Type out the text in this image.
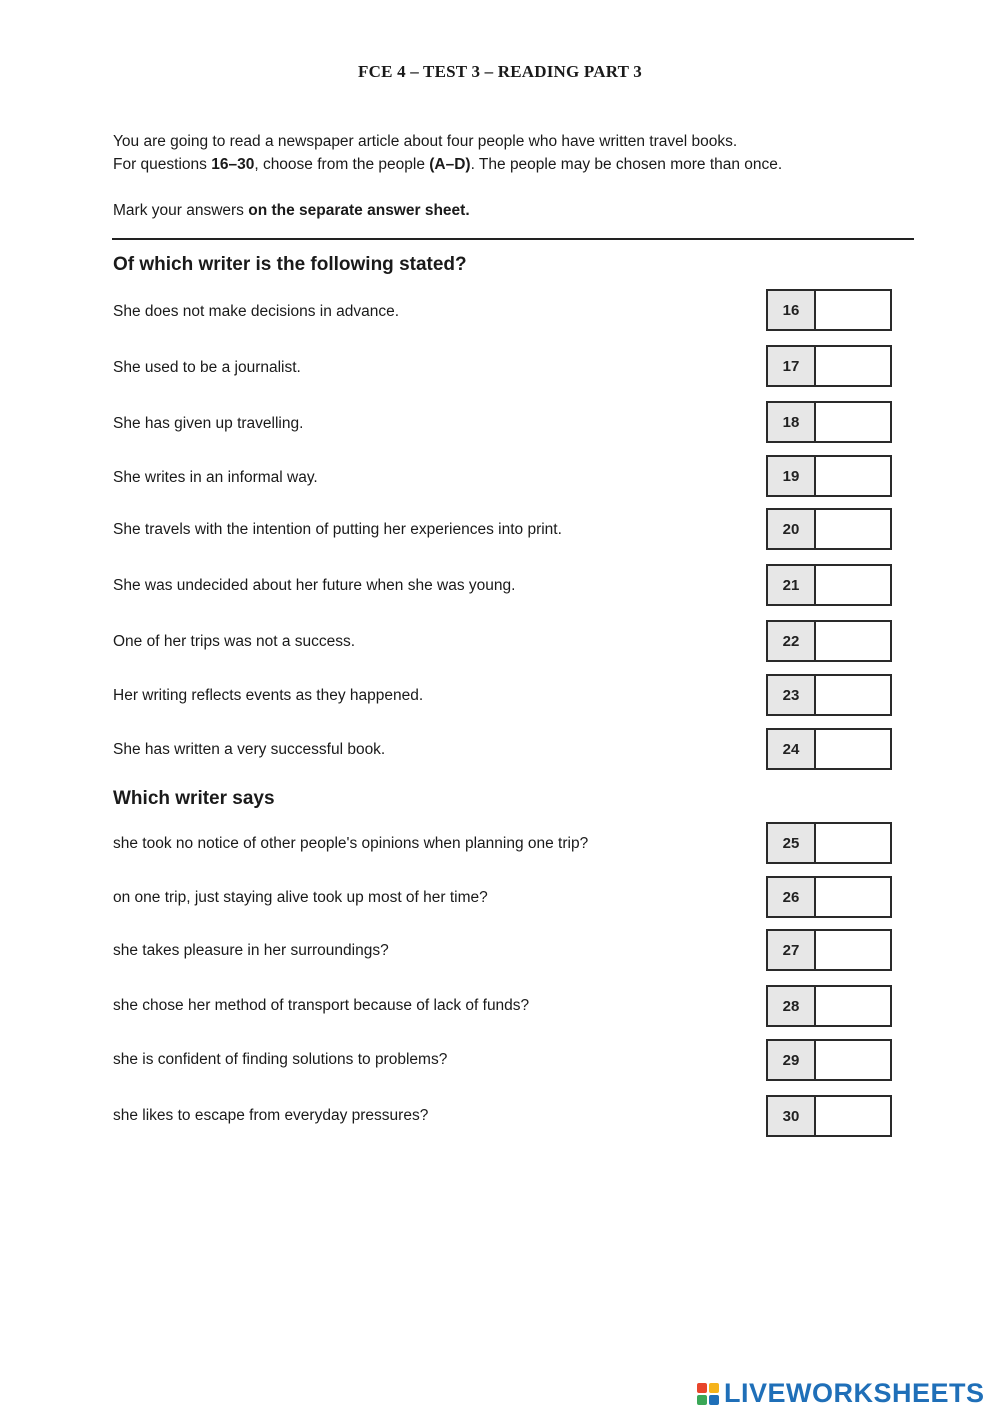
FCE 4 – TEST 3 – READING PART 3

You are going to read a newspaper article about four people who have written travel books.

For questions 16–30, choose from the people (A–D). The people may be chosen more than once.

Mark your answers on the separate answer sheet.

Of which writer is the following stated?
She does not make decisions in advance.	16
She used to be a journalist.	17
She has given up travelling.	18
She writes in an informal way.	19
She travels with the intention of putting her experiences into print.	20
She was undecided about her future when she was young.	21
One of her trips was not a success.	22
Her writing reflects events as they happened.	23
She has written a very successful book.	24
Which writer says
she took no notice of other people's opinions when planning one trip?	25
on one trip, just staying alive took up most of her time?	26
she takes pleasure in her surroundings?	27
she chose her method of transport because of lack of funds?	28
she is confident of finding solutions to problems?	29
she likes to escape from everyday pressures?	30
LIVEWORKSHEETS
